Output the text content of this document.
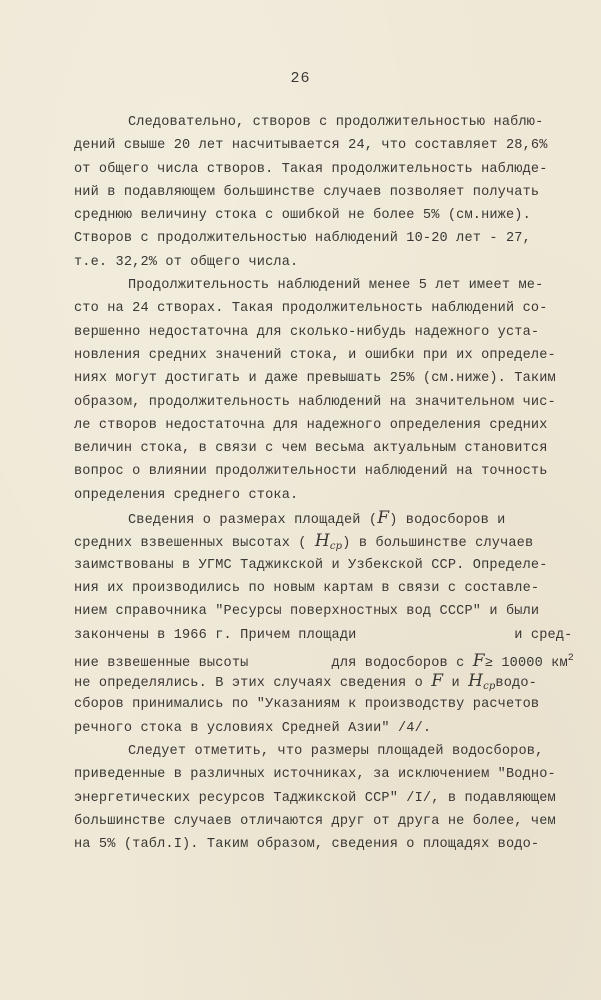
26
Следовательно, створов с продолжительностью наблю-
дений свыше 20 лет насчитывается 24, что составляет 28,6%
от общего числа створов. Такая продолжительность наблюде-
ний в подавляющем большинстве случаев позволяет получать
среднюю величину стока с ошибкой не более 5% (см.ниже).
Створов с продолжительностью наблюдений 10-20 лет - 27,
т.е. 32,2% от общего числа.
Продолжительность наблюдений менее 5 лет имеет ме-
сто на 24 створах. Такая продолжительность наблюдений со-
вершенно недостаточна для сколько-нибудь надежного уста-
новления средних значений стока, и ошибки при их определе-
ниях могут достигать и даже превышать 25% (см.ниже). Таким
образом, продолжительность наблюдений на значительном чис-
ле створов недостаточна для надежного определения средних
величин стока, в связи с чем весьма актуальным становится
вопрос о влиянии продолжительности наблюдений на точность
определения среднего стока.
Сведения о размерах площадей (F) водосборов и
средних взвешенных высотах ( $H_{ср}$) в большинстве случаев
заимствованы в УГМС Таджикской и Узбекской ССР. Определе-
ния их производились по новым картам в связи с составле-
нием справочника "Ресурсы поверхностных вод СССР" и были
закончены в 1966 г. Причем площади                   и сред-
ние взвешенные высоты          для водосборов с F≥ 10000 $км^2$
не определялись. В этих случаях сведения о F и $H_{ср}водо-$
сборов принимались по "Указаниям к производству расчетов
речного стока в условиях Средней Азии" /4/.
Следует отметить, что размеры площадей водосборов,
приведенные в различных источниках, за исключением "Водно-
энергетических ресурсов Таджикской ССР" /I/, в подавляющем
большинстве случаев отличаются друг от друга не более, чем
на 5% (табл.I). Таким образом, сведения о площадях водо-
